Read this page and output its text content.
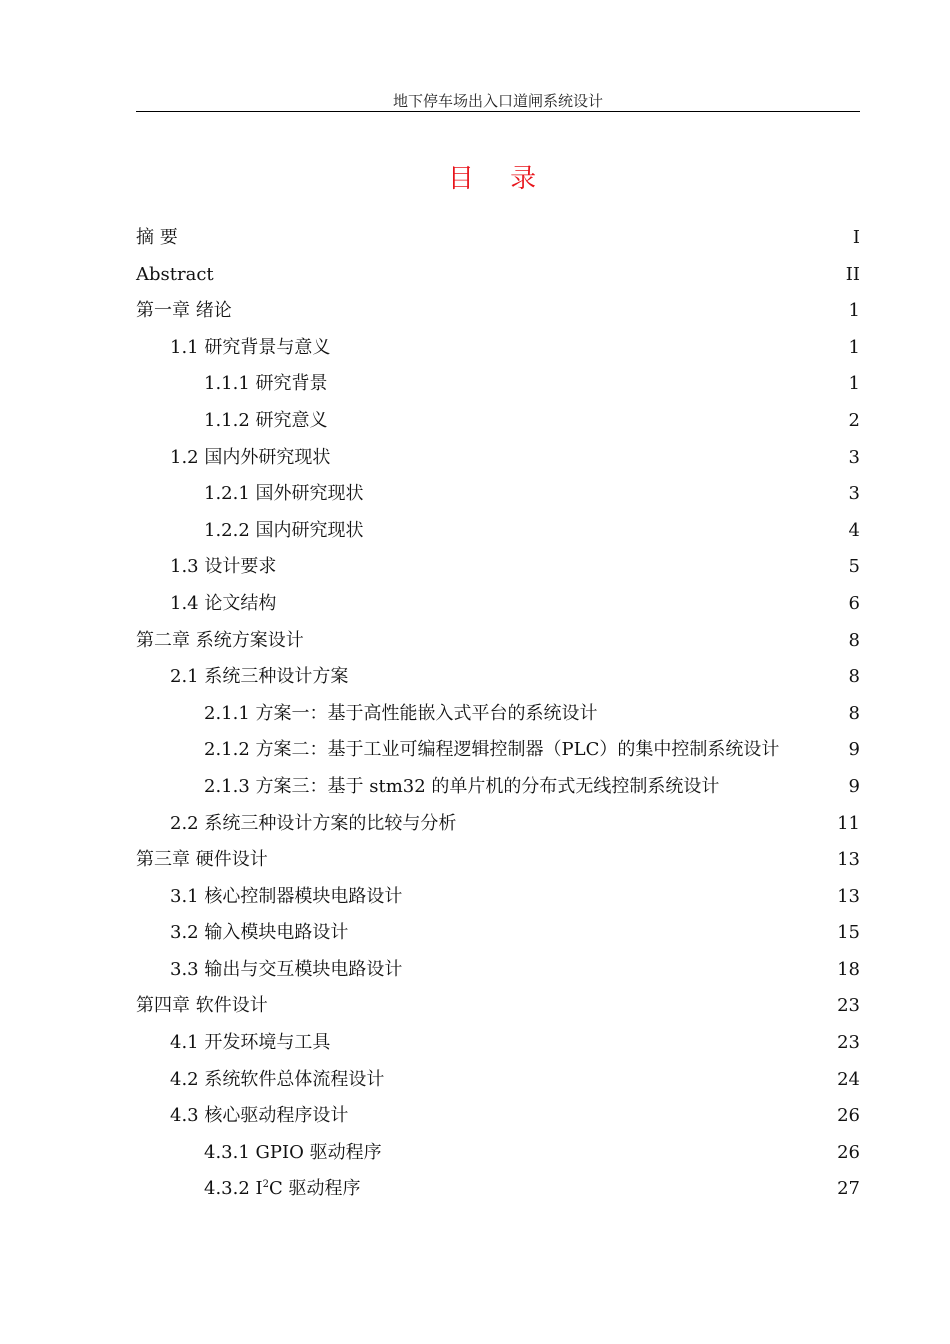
地下停车场出入口道闸系统设计
目 录
摘 要	I
Abstract	II
第一章 绪论	1
1.1 研究背景与意义	1
1.1.1 研究背景	1
1.1.2 研究意义	2
1.2 国内外研究现状	3
1.2.1 国外研究现状	3
1.2.2 国内研究现状	4
1.3 设计要求	5
1.4 论文结构	6
第二章 系统方案设计	8
2.1 系统三种设计方案	8
2.1.1 方案一：基于高性能嵌入式平台的系统设计	8
2.1.2 方案二：基于工业可编程逻辑控制器（PLC）的集中控制系统设计	9
2.1.3 方案三：基于 stm32 的单片机的分布式无线控制系统设计	9
2.2 系统三种设计方案的比较与分析	11
第三章 硬件设计	13
3.1 核心控制器模块电路设计	13
3.2 输入模块电路设计	15
3.3 输出与交互模块电路设计	18
第四章 软件设计	23
4.1 开发环境与工具	23
4.2 系统软件总体流程设计	24
4.3 核心驱动程序设计	26
4.3.1 GPIO 驱动程序	26
4.3.2 $I^2C$ 驱动程序	27
